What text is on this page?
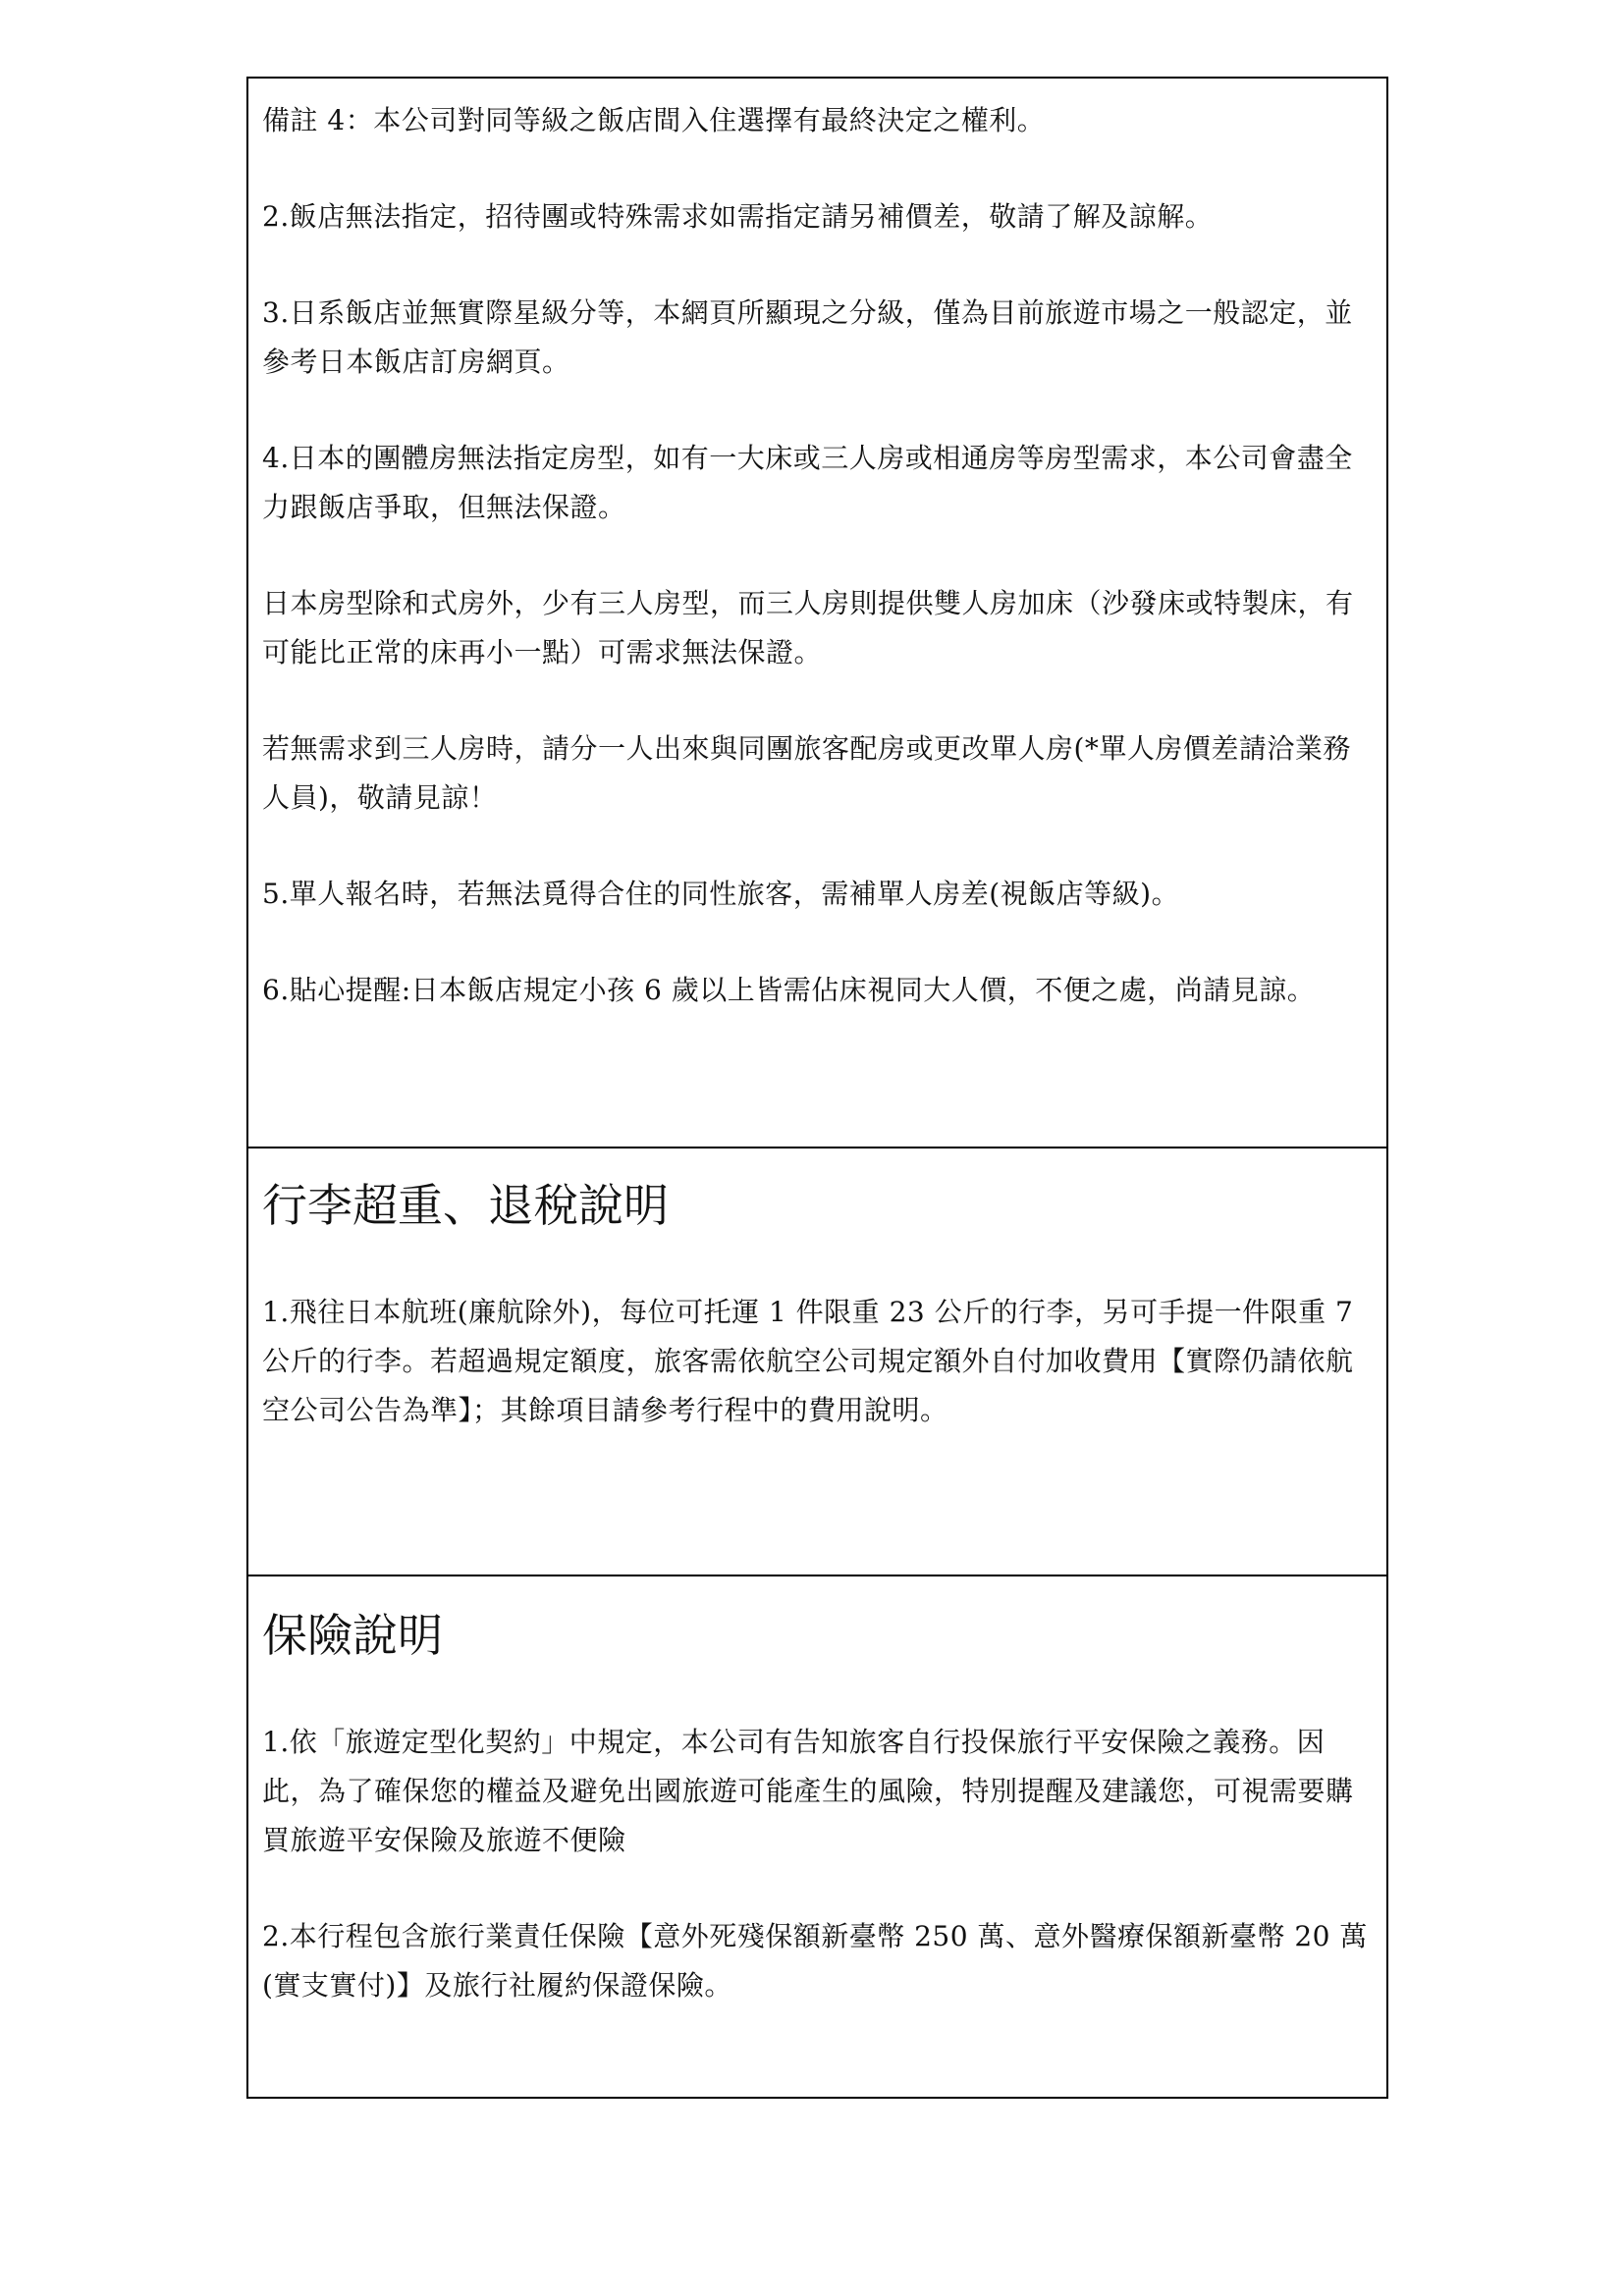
備註 4：本公司對同等級之飯店間入住選擇有最終決定之權利。

2.飯店無法指定，招待團或特殊需求如需指定請另補價差，敬請了解及諒解。

3.日系飯店並無實際星級分等，本網頁所顯現之分級，僅為目前旅遊市場之一般認定，並參考日本飯店訂房網頁。

4.日本的團體房無法指定房型，如有一大床或三人房或相通房等房型需求，本公司會盡全力跟飯店爭取，但無法保證。

日本房型除和式房外，少有三人房型，而三人房則提供雙人房加床（沙發床或特製床，有可能比正常的床再小一點）可需求無法保證。

若無需求到三人房時，請分一人出來與同團旅客配房或更改單人房(*單人房價差請洽業務人員)，敬請見諒！

5.單人報名時，若無法覓得合住的同性旅客，需補單人房差(視飯店等級)。

6.貼心提醒:日本飯店規定小孩 6 歲以上皆需佔床視同大人價，不便之處，尚請見諒。

行李超重、退稅說明

1.飛往日本航班(廉航除外)，每位可托運 1 件限重 23 公斤的行李，另可手提一件限重 7 公斤的行李。若超過規定額度，旅客需依航空公司規定額外自付加收費用【實際仍請依航空公司公告為準】；其餘項目請參考行程中的費用說明。

保險說明

1.依「旅遊定型化契約」中規定，本公司有告知旅客自行投保旅行平安保險之義務。因此，為了確保您的權益及避免出國旅遊可能產生的風險，特別提醒及建議您，可視需要購買旅遊平安保險及旅遊不便險

2.本行程包含旅行業責任保險【意外死殘保額新臺幣 250 萬、意外醫療保額新臺幣 20 萬(實支實付)】及旅行社履約保證保險。
